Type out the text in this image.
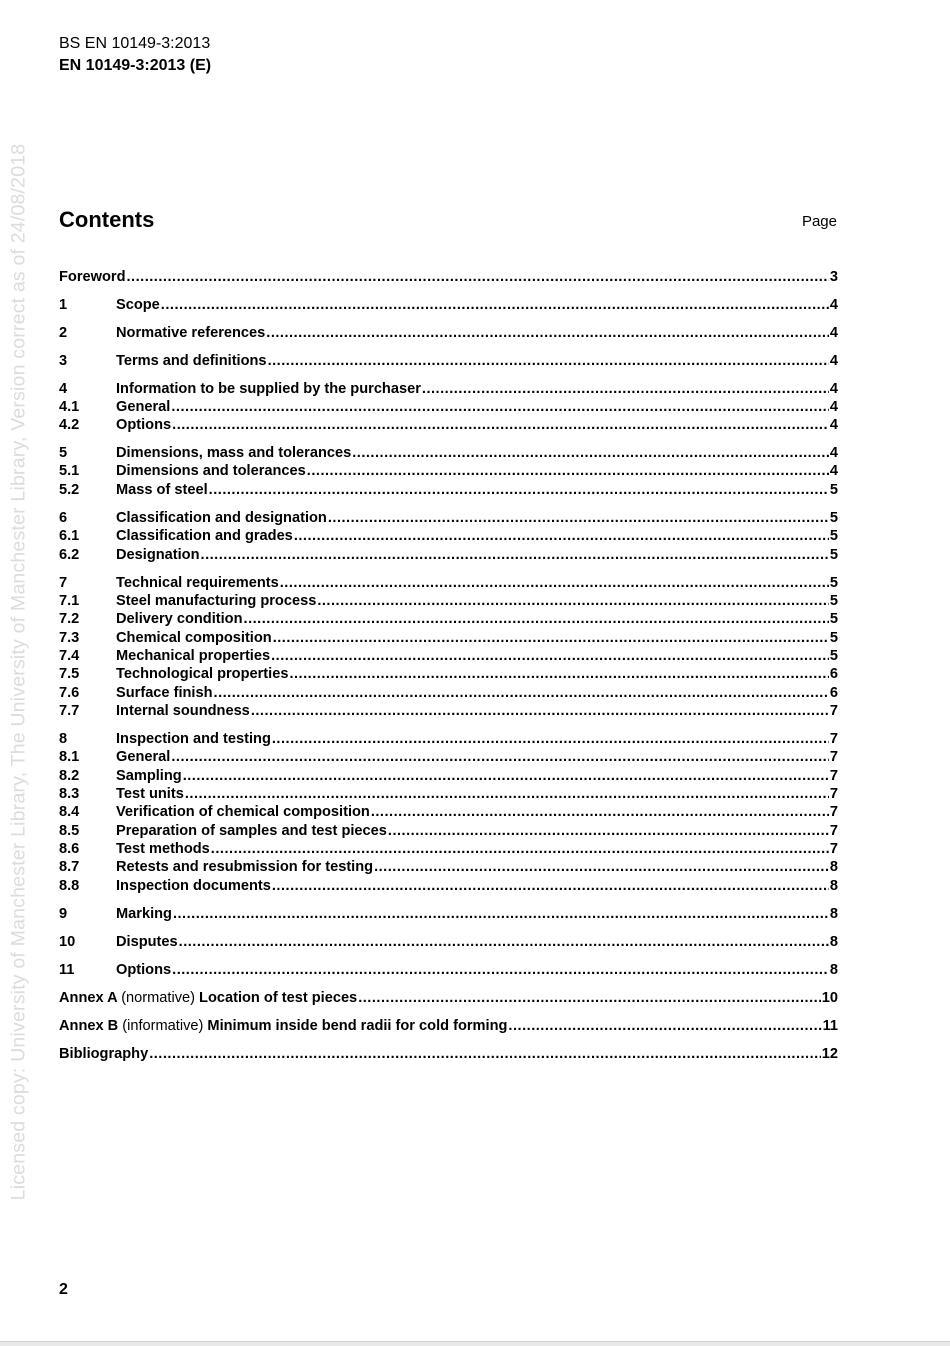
BS EN 10149-3:2013
EN 10149-3:2013 (E)
Licensed copy: University of Manchester Library, The University of Manchester Library, Version correct as of 24/08/2018 Contents	Page
Foreword .....	3
1	Scope .....	4
2	Normative references .....	4
3	Terms and definitions .....	4
4	Information to be supplied by the purchaser .....	4
4.1	General .....	4
4.2	Options .....	4
5	Dimensions, mass and tolerances .....	4
5.1	Dimensions and tolerances .....	4
5.2	Mass of steel .....	5
6	Classification and designation .....	5
6.1	Classification and grades .....	5
6.2	Designation .....	5
7	Technical requirements .....	5
7.1	Steel manufacturing process .....	5
7.2	Delivery condition .....	5
7.3	Chemical composition .....	5
7.4	Mechanical properties .....	5
7.5	Technological properties .....	6
7.6	Surface finish .....	6
7.7	Internal soundness .....	7
8	Inspection and testing .....	7
8.1	General .....	7
8.2	Sampling .....	7
8.3	Test units .....	7
8.4	Verification of chemical composition .....	7
8.5	Preparation of samples and test pieces .....	7
8.6	Test methods .....	7
8.7	Retests and resubmission for testing .....	8
8.8	Inspection documents .....	8
9	Marking .....	8
10	Disputes .....	8
11	Options .....	8
Annex A (normative) Location of test pieces .....	10
Annex B (informative) Minimum inside bend radii for cold forming .....	11
Bibliography .....	12
2
